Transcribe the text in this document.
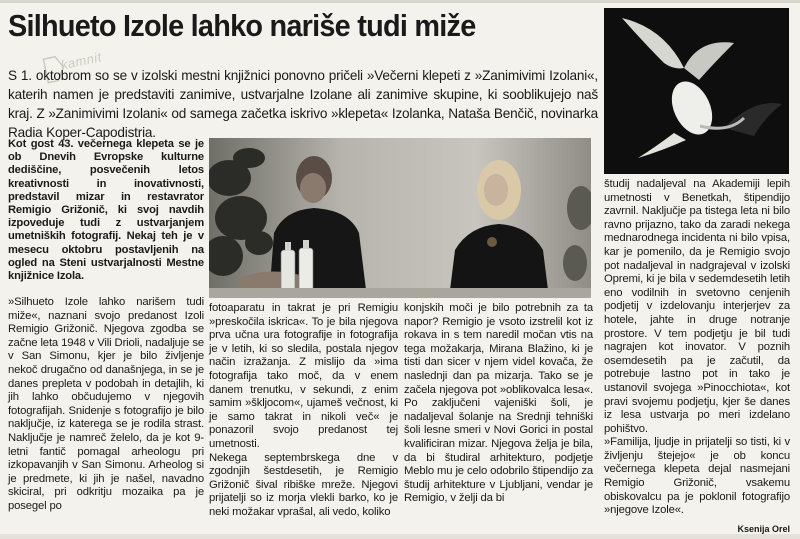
Silhueto Izole lahko nariše tudi miže
kamnit

S 1. oktobrom so se v izolski mestni knjižnici ponovno pričeli »Večerni klepeti z »Zanimivimi Izolani«, katerih namen je predstaviti zanimive, ustvarjalne Izolane ali zanimive skupine, ki sooblikujejo naš kraj. Z »Zanimivimi Izolani« od samega začetka iskrivo »klepeta« Izolanka, Nataša Benčič, novinarka Radia Koper-Capodistria.

Kot gost 43. večernega klepeta se je ob Dnevih Evropske kulturne dediščine, posvečenih letos kreativnosti in inovativnosti, predstavil mizar in restavrator Remigio Grižonič, ki svoj navdih izpoveduje tudi z ustvarjanjem umetniških fotografij. Nekaj teh je v mesecu oktobru postavljenih na ogled na Steni ustvarjalnosti Mestne knjižnice Izola.

»Silhueto Izole lahko narišem tudi miže«, naznani svojo predanost Izoli Remigio Grižonič. Njegova zgodba se začne leta 1948 v Vili Drioli, nadaljuje se v San Simonu, kjer je bilo življenje nekoč drugačno od današnjega, in se je danes prepleta v podobah in detajlih, ki jih lahko občudujemo v njegovih fotografijah. Snidenje s fotografijo je bilo naključje, iz katerega se je rodila strast. Naključje je namreč želelo, da je kot 9-letni fantič pomagal arheologu pri izkopavanjih v San Simonu. Arheolog si je predmete, ki jih je našel, navadno skiciral, pri odkritju mozaika pa je posegel po

fotoaparatu in takrat je pri Remigiu »preskočila iskrica«. To je bila njegova prva učna ura fotografije in fotografija je v letih, ki so sledila, postala njegov način izražanja. Z mislijo da »ima fotografija tako moč, da v enem danem trenutku, v sekundi, z enim samim »škljocom«, ujameš večnost, ki je samo takrat in nikoli več« je ponazoril svojo predanost tej umetnosti.

Nekega septembrskega dne v zgodnjih šestdesetih, je Remigio Grižonič šival ribiške mreže. Njegovi prijatelji so iz morja vlekli barko, ko je neki možakar vprašal, ali vedo, koliko

konjskih moči je bilo potrebnih za ta napor? Remigio je vsoto izstrelil kot iz rokava in s tem naredil močan vtis na tega možakarja, Mirana Blažino, ki je tisti dan sicer v njem videl kovača, že naslednji dan pa mizarja. Tako se je začela njegova pot »oblikovalca lesa«. Po zaključeni vajeniški šoli, je nadaljeval šolanje na Srednji tehniški šoli lesne smeri v Novi Gorici in postal kvalificiran mizar. Njegova želja je bila, da bi študiral arhitekturo, podjetje Meblo mu je celo odobrilo štipendijo za študij arhitekture v Ljubljani, vendar je Remigio, v želji da bi

študij nadaljeval na Akademiji lepih umetnosti v Benetkah, štipendijo zavrnil. Naključje pa tistega leta ni bilo ravno prijazno, tako da zaradi nekega mednarodnega incidenta ni bilo vpisa, kar je pomenilo, da je Remigio svojo pot nadaljeval in nadgrajeval v izolski Opremi, ki je bila v sedemdesetih letih eno vodilnih in svetovno cenjenih podjetij v izdelovanju interjerjev za hotele, jahte in druge notranje prostore. V tem podjetju je bil tudi nagrajen kot inovator. V poznih osemdesetih pa je začutil, da potrebuje lastno pot in tako je ustanovil svojega »Pinocchiota«, kot pravi svojemu podjetju, kjer še danes iz lesa ustvarja po meri izdelano pohištvo.

»Familija, ljudje in prijatelji so tisti, ki v življenju štejejo« je ob koncu večernega klepeta dejal nasmejani Remigio Grižonič, vsakemu obiskovalcu pa je poklonil fotografijo »njegove Izole«.

Ksenija Orel
